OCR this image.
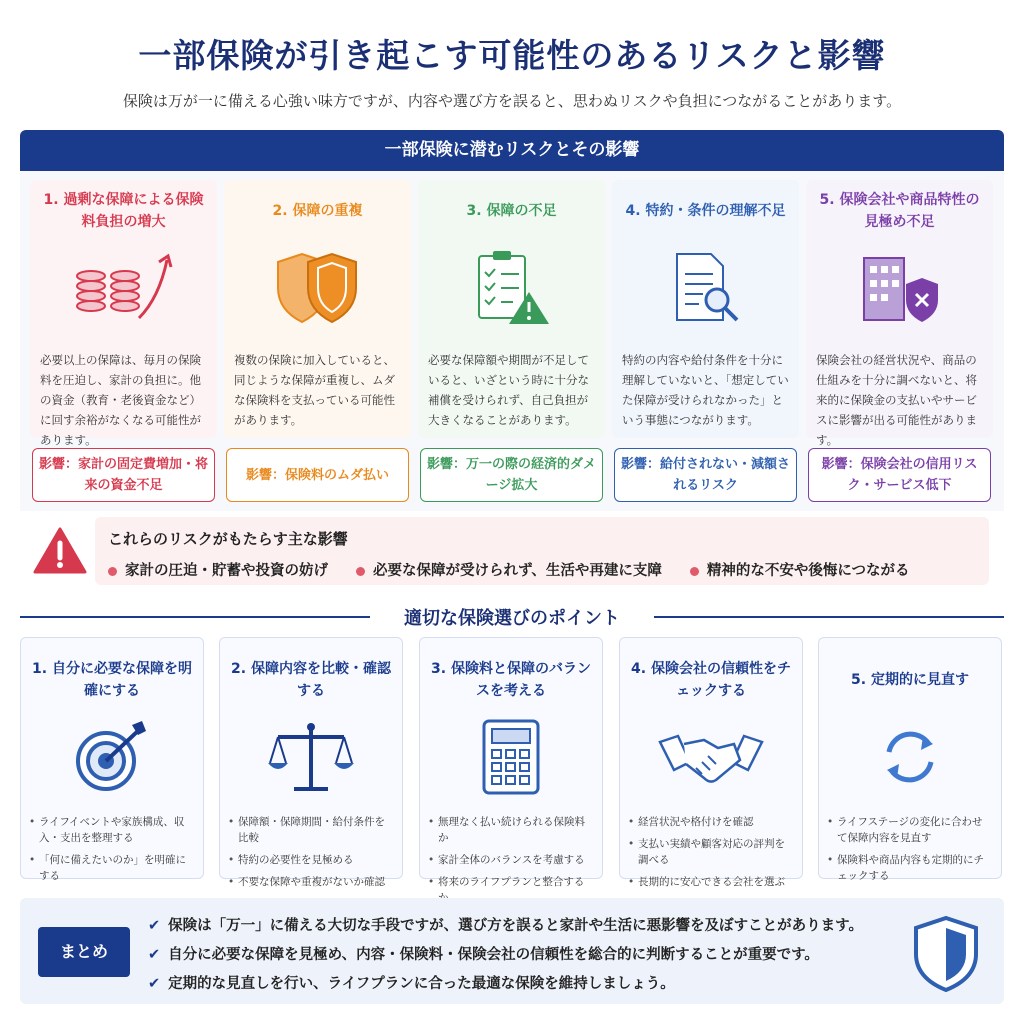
一部保険が引き起こす可能性のあるリスクと影響
保険は万が一に備える心強い味方ですが、内容や選び方を誤ると、思わぬリスクや負担につながることがあります。
一部保険に潜むリスクとその影響
1. 過剰な保障による保険料負担の増大

必要以上の保障は、毎月の保険料を圧迫し、家計の負担に。他の資金（教育・老後資金など）に回す余裕がなくなる可能性があります。

2. 保障の重複

複数の保険に加入していると、同じような保障が重複し、ムダな保険料を支払っている可能性があります。

3. 保障の不足

必要な保障額や期間が不足していると、いざという時に十分な補償を受けられず、自己負担が大きくなることがあります。

4. 特約・条件の理解不足

特約の内容や給付条件を十分に理解していないと、「想定していた保障が受けられなかった」という事態につながります。

5. 保険会社や商品特性の見極め不足

保険会社の経営状況や、商品の仕組みを十分に調べないと、将来的に保険金の支払いやサービスに影響が出る可能性があります。

影響：家計の固定費増加・将来の資金不足
影響：保険料のムダ払い
影響：万一の際の経済的ダメージ拡大
影響：給付されない・減額されるリスク
影響：保険会社の信用リスク・サービス低下
これらのリスクがもたらす主な影響
家計の圧迫・貯蓄や投資の妨げ	必要な保障が受けられず、生活や再建に支障	精神的な不安や後悔につながる
適切な保険選びのポイント
1. 自分に必要な保障を明確にする
• ライフイベントや家族構成、収入・支出を整理する
• 「何に備えたいのか」を明確にする
2. 保障内容を比較・確認する
• 保障額・保障期間・給付条件を比較
• 特約の必要性を見極める
• 不要な保障や重複がないか確認
3. 保険料と保障のバランスを考える
• 無理なく払い続けられる保険料か
• 家計全体のバランスを考慮する
• 将来のライフプランと整合する
4. 保険会社の信頼性をチェックする
• 経営状況や格付けを確認
• 支払い実績や顧客対応の評判を調べる
• 長期的に安心できる会社を選ぶ
5. 定期的に見直す
• ライフステージの変化に合わせて保障内容を見直す
• 保険料や商品内容も定期的にチェックする
まとめ
✔ 保険は「万一」に備える大切な手段ですが、選び方を誤ると家計や生活に悪影響を及ぼすことがあります。
✔ 自分に必要な保障を見極め、内容・保険料・保険会社の信頼性を総合的に判断することが重要です。
✔ 定期的な見直しを行い、ライフプランに合った最適な保険を維持しましょう。
